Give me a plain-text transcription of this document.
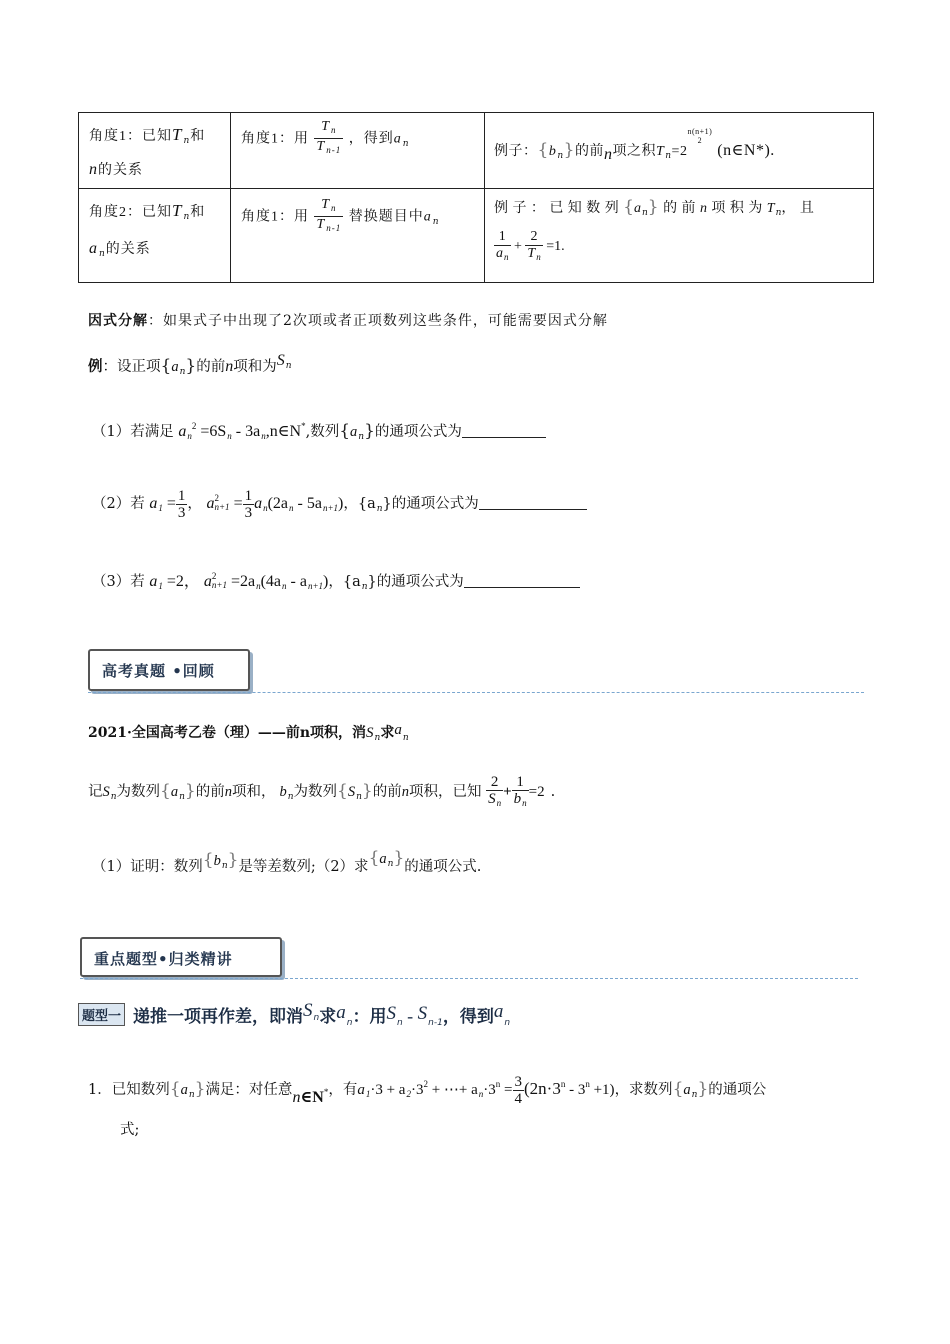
角度1：已知$T_n$和
n的关系
角度1：用 $\frac{T_n}{T_{n-1}}$ ，得到$a_n$	例子：$\{b_n\}$的前n项之积$T_n=2$
n(n+1)
2
(n∈N*).
角度2：已知$T_n$和
$a_n$的关系
角度1：用 $\frac{T_n}{T_{n-1}}$ 替换题目中$a_n$
例 子 ： 已 知 数 列 $\{a_n\}$ 的 前 n 项 积 为 $T_n$， 且
$\frac{1}{a_n} + \frac{2}{T_n} =1$.
因式分解：如果式子中出现了2次项或者正项数列这些条件，可能需要因式分解
例：设正项$\{a_n\}$的前n项和为$S^n$
（1）若满足 $a_n^2 =6S_n$ - $3a_n,n\in N^*$,数列$\{a_n\}$的通项公式为
（2）若 $a_1 = \frac{1}{3}$ ， a 2
$n+1 = \frac{1}{3} a_n(2a_n - 5a_{n+1})$，$\{a_n\}$的通项公式为
（3）若 $a_1 =2$， a 2
$n+1 =2a_n(4a_n - a_{n+1})$，$\{a_n\}$的通项公式为
高考真题 •回顾
2021·全国高考乙卷（理）——前n项积，消$S_n$求$a_n$
记$S_n$为数列$\{a_n\}$的前n项和， $b_n$为数列$\{S_n\}$的前n项积，已知 $\frac{2}{S_n} + \frac{1}{b_n} =2$ .
（1）证明：数列$\{b^n\}$是等差数列;（2）求$\{a^n\}$的通项公式.
重点题型•归类精讲
题型一 递推一项再作差，即消$S^n$求$a_n$：用$S_n - S_{n-1}$，得到$a_n$
1．已知数列$\{a_n\}$满足：对任意n∈N*，有$a_1\cdot 3 + a_2\cdot 3^2$ + ⋯+ $a_n\cdot 3^n = \frac{3}{4} (2n\cdot 3^n - 3^n +1)$，求数列$\{a_n\}$的通项公
式;
